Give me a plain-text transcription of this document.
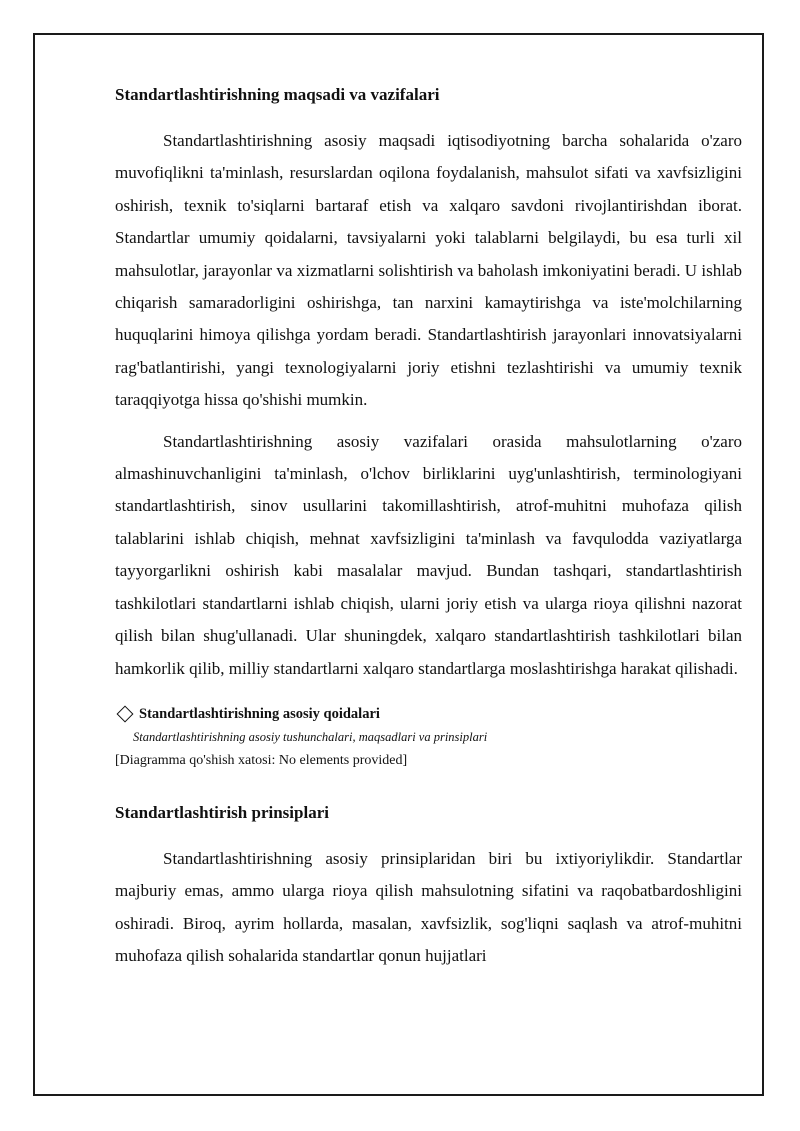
Standartlashtirishning maqsadi va vazifalari

Standartlashtirishning asosiy maqsadi iqtisodiyotning barcha sohalarida o'zaro muvofiqlikni ta'minlash, resurslardan oqilona foydalanish, mahsulot sifati va xavfsizligini oshirish, texnik to'siqlarni bartaraf etish va xalqaro savdoni rivojlantirishdan iborat. Standartlar umumiy qoidalarni, tavsiyalarni yoki talablarni belgilaydi, bu esa turli xil mahsulotlar, jarayonlar va xizmatlarni solishtirish va baholash imkoniyatini beradi. U ishlab chiqarish samaradorligini oshirishga, tan narxini kamaytirishga va iste'molchilarning huquqlarini himoya qilishga yordam beradi. Standartlashtirish jarayonlari innovatsiyalarni rag'batlantirishi, yangi texnologiyalarni joriy etishni tezlashtirishi va umumiy texnik taraqqiyotga hissa qo'shishi mumkin.

Standartlashtirishning asosiy vazifalari orasida mahsulotlarning o'zaro almashinuvchanligini ta'minlash, o'lchov birliklarini uyg'unlashtirish, terminologiyani standartlashtirish, sinov usullarini takomillashtirish, atrof-muhitni muhofaza qilish talablarini ishlab chiqish, mehnat xavfsizligini ta'minlash va favqulodda vaziyatlarga tayyorgarlikni oshirish kabi masalalar mavjud. Bundan tashqari, standartlashtirish tashkilotlari standartlarni ishlab chiqish, ularni joriy etish va ularga rioya qilishni nazorat qilish bilan shug'ullanadi. Ular shuningdek, xalqaro standartlashtirish tashkilotlari bilan hamkorlik qilib, milliy standartlarni xalqaro standartlarga moslashtirishga harakat qilishadi.

Standartlashtirishning asosiy qoidalari
Standartlashtirishning asosiy tushunchalari, maqsadlari va prinsiplari
[Diagramma qo'shish xatosi: No elements provided]
Standartlashtirish prinsiplari

Standartlashtirishning asosiy prinsiplaridan biri bu ixtiyoriylikdir. Standartlar majburiy emas, ammo ularga rioya qilish mahsulotning sifatini va raqobatbardoshligini oshiradi. Biroq, ayrim hollarda, masalan, xavfsizlik, sog'liqni saqlash va atrof-muhitni muhofaza qilish sohalarida standartlar qonun hujjatlari
